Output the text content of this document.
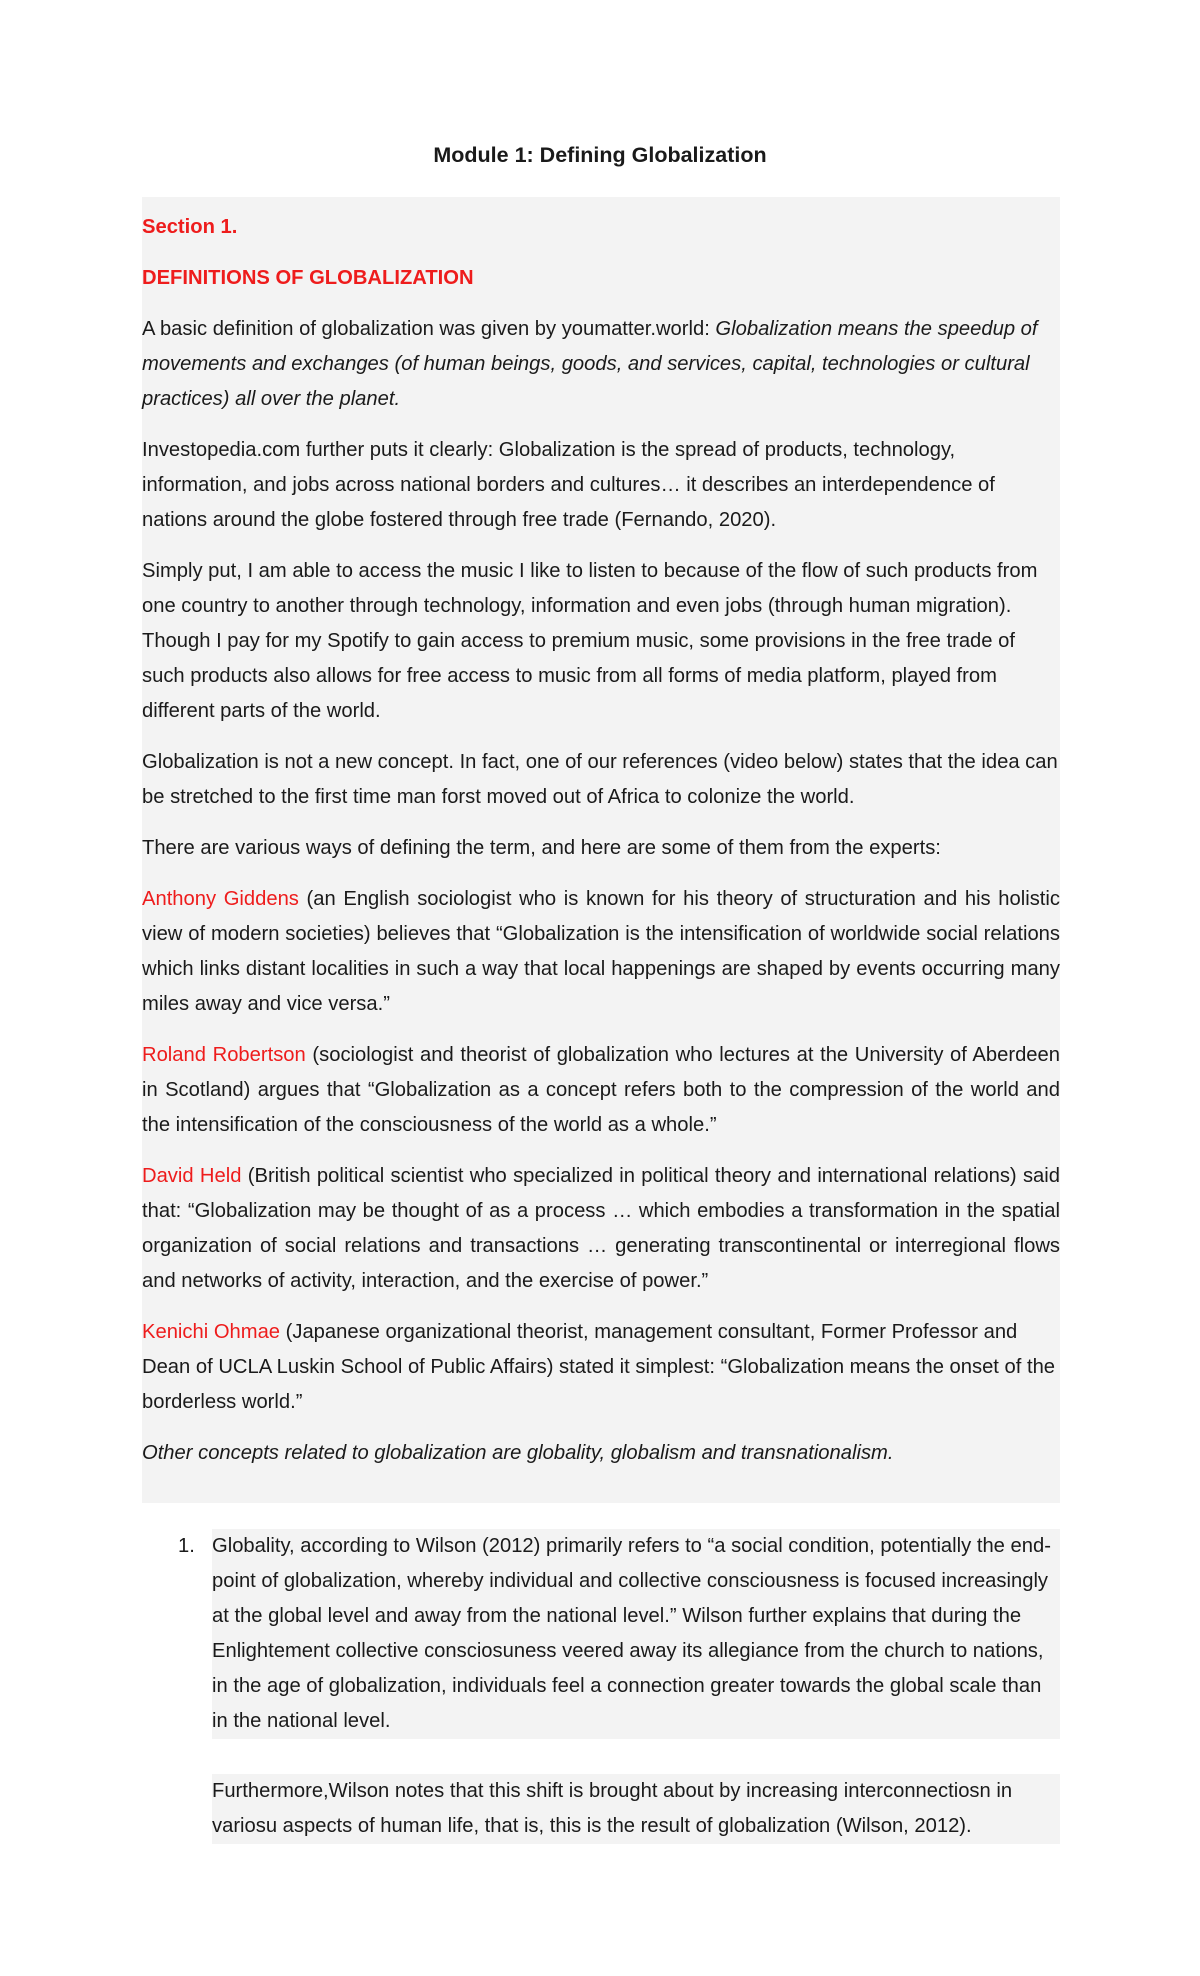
Module 1: Defining Globalization

Section 1.

DEFINITIONS OF GLOBALIZATION

A basic definition of globalization was given by youmatter.world: Globalization means the speedup of movements and exchanges (of human beings, goods, and services, capital, technologies or cultural practices) all over the planet.

Investopedia.com further puts it clearly: Globalization is the spread of products, technology, information, and jobs across national borders and cultures… it describes an interdependence of nations around the globe fostered through free trade (Fernando, 2020).

Simply put, I am able to access the music I like to listen to because of the flow of such products from one country to another through technology, information and even jobs (through human migration). Though I pay for my Spotify to gain access to premium music, some provisions in the free trade of such products also allows for free access to music from all forms of media platform, played from different parts of the world.

Globalization is not a new concept. In fact, one of our references (video below) states that the idea can be stretched to the first time man forst moved out of Africa to colonize the world.

There are various ways of defining the term, and here are some of them from the experts:

Anthony Giddens (an English sociologist who is known for his theory of structuration and his holistic view of modern societies) believes that “Globalization is the intensification of worldwide social relations which links distant localities in such a way that local happenings are shaped by events occurring many miles away and vice versa.”

Roland Robertson (sociologist and theorist of globalization who lectures at the University of Aberdeen in Scotland) argues that “Globalization as a concept refers both to the compression of the world and the intensification of the consciousness of the world as a whole.”

David Held (British political scientist who specialized in political theory and international relations) said that: “Globalization may be thought of as a process … which embodies a transformation in the spatial organization of social relations and transactions … generating transcontinental or interregional flows and networks of activity, interaction, and the exercise of power.”

Kenichi Ohmae (Japanese organizational theorist, management consultant, Former Professor and Dean of UCLA Luskin School of Public Affairs) stated it simplest: “Globalization means the onset of the borderless world.”

Other concepts related to globalization are globality, globalism and transnationalism.

1. Globality, according to Wilson (2012) primarily refers to “a social condition, potentially the end-point of globalization, whereby individual and collective consciousness is focused increasingly at the global level and away from the national level.” Wilson further explains that during the Enlightement collective consciosuness veered away its allegiance from the church to nations, in the age of globalization, individuals feel a connection greater towards the global scale than in the national level.

Furthermore,Wilson notes that this shift is brought about by increasing interconnectiosn in variosu aspects of human life, that is, this is the result of globalization (Wilson, 2012).
